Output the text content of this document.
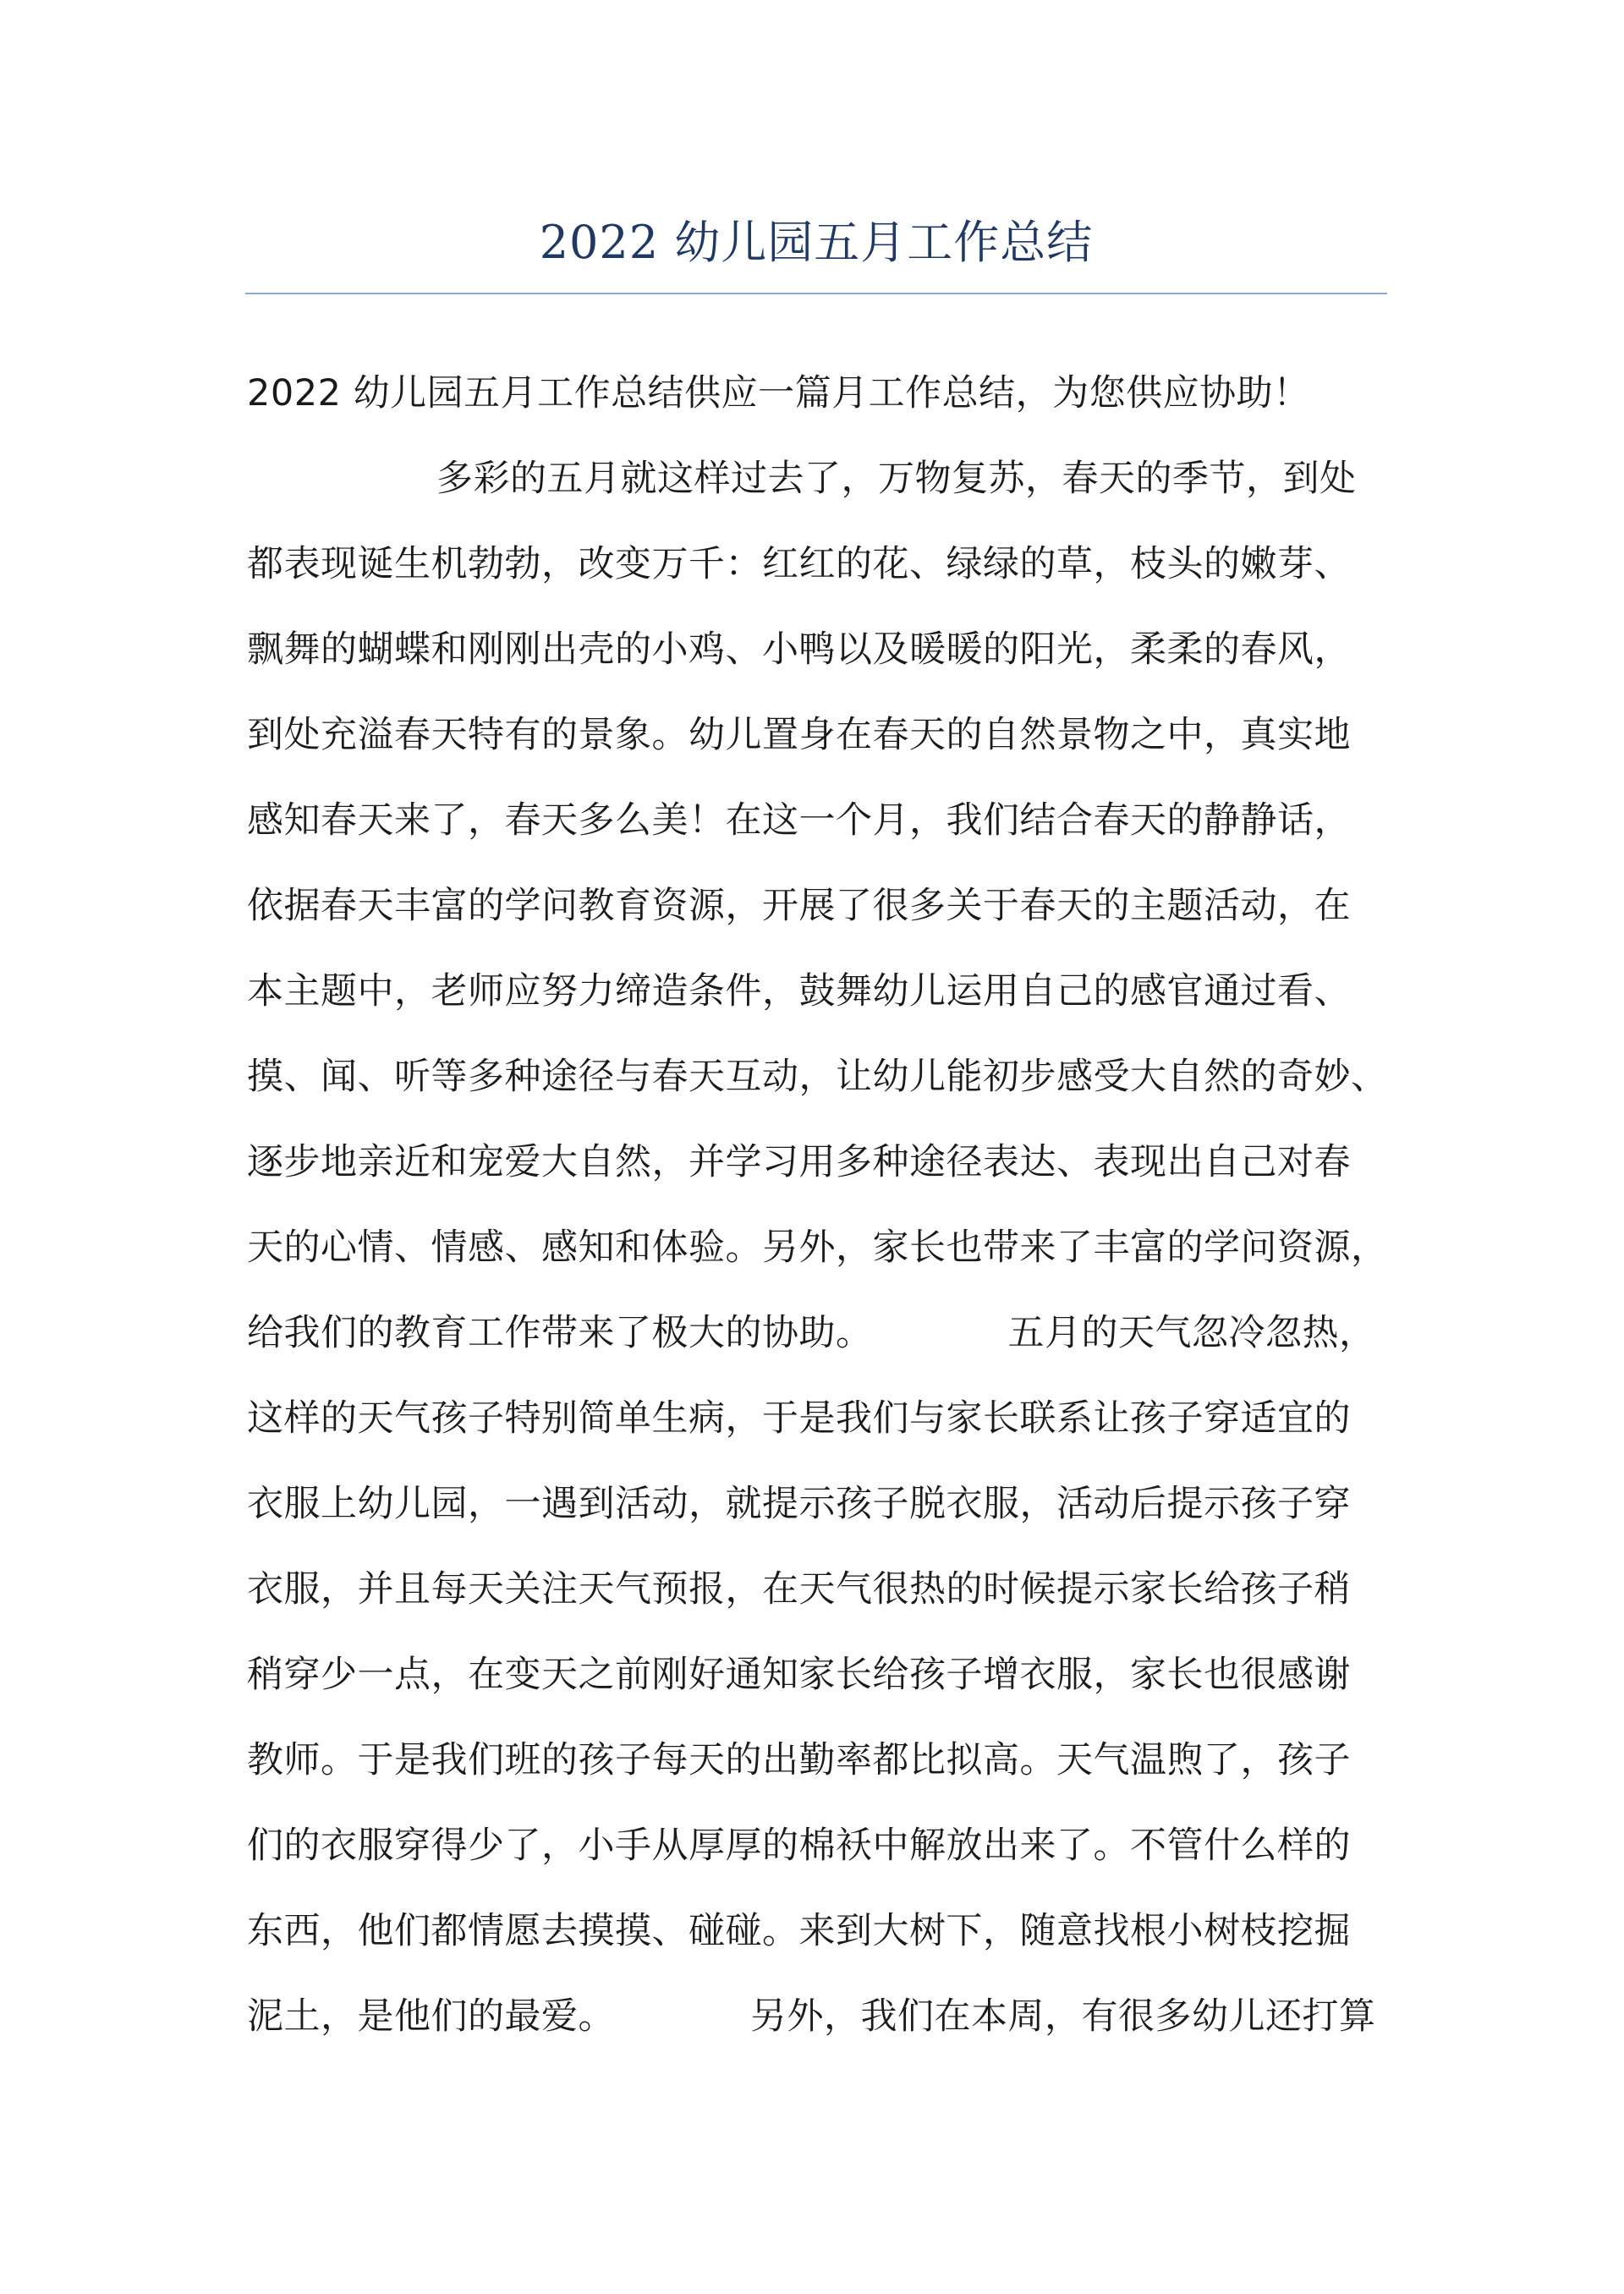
2022 幼儿园五月工作总结
2022 幼儿园五月工作总结供应一篇月工作总结，为您供应协助！
多彩的五月就这样过去了，万物复苏，春天的季节，到处
都表现诞生机勃勃，改变万千：红红的花、绿绿的草，枝头的嫩芽、
飘舞的蝴蝶和刚刚出壳的小鸡、小鸭以及暖暖的阳光，柔柔的春风，
到处充溢春天特有的景象。幼儿置身在春天的自然景物之中，真实地
感知春天来了，春天多么美！在这一个月，我们结合春天的静静话，
依据春天丰富的学问教育资源，开展了很多关于春天的主题活动，在
本主题中，老师应努力缔造条件，鼓舞幼儿运用自己的感官通过看、
摸、闻、听等多种途径与春天互动，让幼儿能初步感受大自然的奇妙、
逐步地亲近和宠爱大自然，并学习用多种途径表达、表现出自己对春
天的心情、情感、感知和体验。另外，家长也带来了丰富的学问资源，
给我们的教育工作带来了极大的协助。	五月的天气忽冷忽热，
这样的天气孩子特别简单生病，于是我们与家长联系让孩子穿适宜的
衣服上幼儿园，一遇到活动，就提示孩子脱衣服，活动后提示孩子穿
衣服，并且每天关注天气预报，在天气很热的时候提示家长给孩子稍
稍穿少一点，在变天之前刚好通知家长给孩子增衣服，家长也很感谢
教师。于是我们班的孩子每天的出勤率都比拟高。天气温煦了，孩子
们的衣服穿得少了，小手从厚厚的棉袄中解放出来了。不管什么样的
东西，他们都情愿去摸摸、碰碰。来到大树下，随意找根小树枝挖掘
泥土，是他们的最爱。	另外，我们在本周，有很多幼儿还打算
